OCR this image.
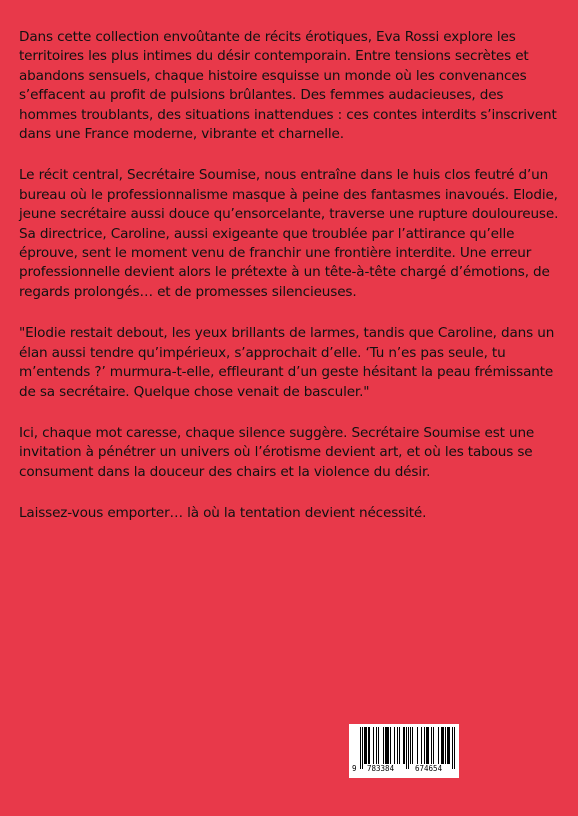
Dans cette collection envoûtante de récits érotiques, Eva Rossi explore les territoires les plus intimes du désir contemporain. Entre tensions secrètes et abandons sensuels, chaque histoire esquisse un monde où les convenances s’effacent au profit de pulsions brûlantes. Des femmes audacieuses, des hommes troublants, des situations inattendues : ces contes interdits s’inscrivent dans une France moderne, vibrante et charnelle.

Le récit central, Secrétaire Soumise, nous entraîne dans le huis clos feutré d’un bureau où le professionnalisme masque à peine des fantasmes inavoués. Elodie, jeune secrétaire aussi douce qu’ensorcelante, traverse une rupture douloureuse. Sa directrice, Caroline, aussi exigeante que troublée par l’attirance qu’elle éprouve, sent le moment venu de franchir une frontière interdite. Une erreur professionnelle devient alors le prétexte à un tête-à-tête chargé d’émotions, de regards prolongés… et de promesses silencieuses.

"Elodie restait debout, les yeux brillants de larmes, tandis que Caroline, dans un élan aussi tendre qu’impérieux, s’approchait d’elle. ‘Tu n’es pas seule, tu m’entends ?’ murmura-t-elle, effleurant d’un geste hésitant la peau frémissante de sa secrétaire. Quelque chose venait de basculer."

Ici, chaque mot caresse, chaque silence suggère. Secrétaire Soumise est une invitation à pénétrer un univers où l’érotisme devient art, et où les tabous se consument dans la douceur des chairs et la violence du désir.

Laissez-vous emporter… là où la tentation devient nécessité.

9 783384	674654
